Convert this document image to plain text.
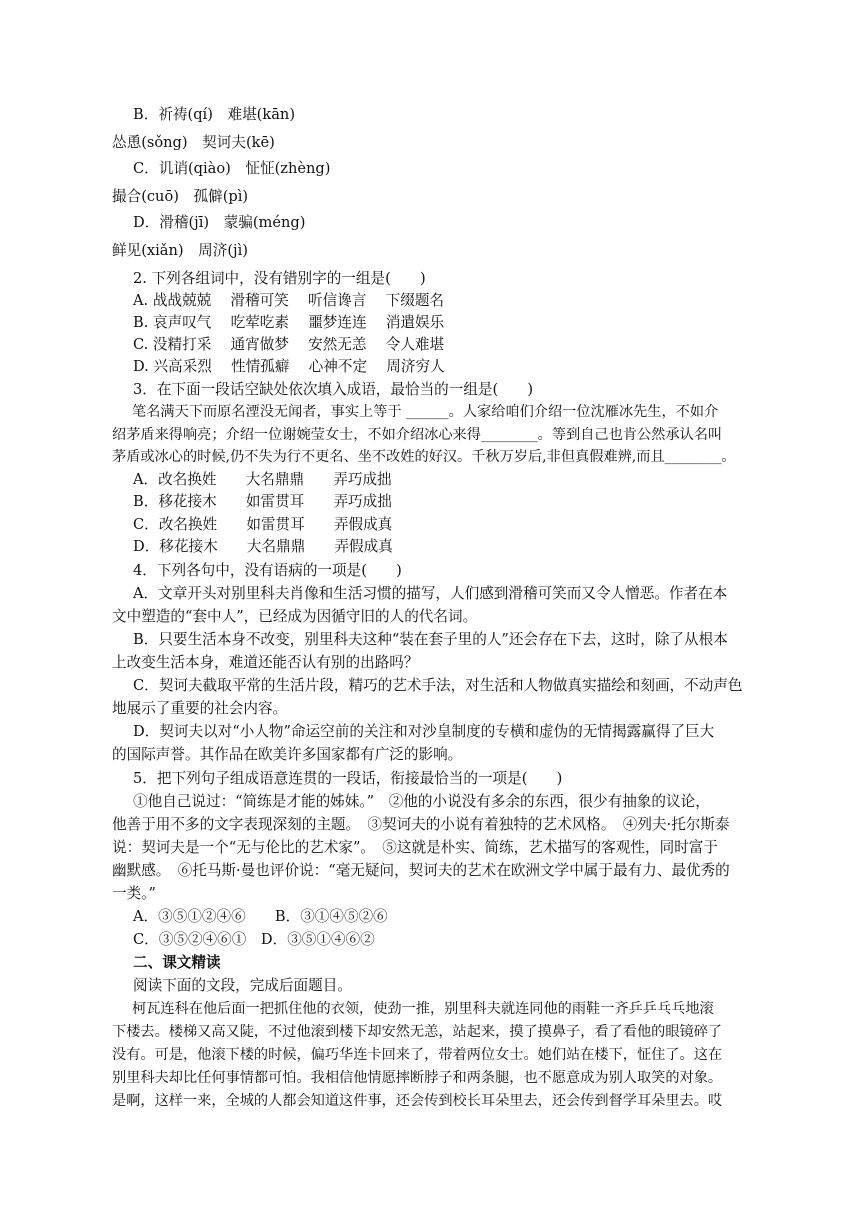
B．祈祷(qí)　难堪(kān)
怂恿(sǒng)　契诃夫(kē)
C．讥诮(qiào)　怔怔(zhèng)
撮合(cuō)　孤僻(pì)
D．滑稽(jī)　蒙骗(méng)
鲜见(xiǎn)　周济(jì)
2. 下列各组词中，没有错别字的一组是(　　)
A. 战战兢兢　 滑稽可笑　 听信谗言　 下缀题名
B. 哀声叹气　 吃荤吃素　 噩梦连连　 消遣娱乐
C. 没精打采　 通宵做梦　 安然无恙　 令人难堪
D. 兴高采烈　 性情孤癖　 心神不定　 周济穷人
3．在下面一段话空缺处依次填入成语，最恰当的一组是(　　)
笔名满天下而原名湮没无闻者，事实上等于 ______。人家给咱们介绍一位沈雁冰先生，不如介
绍茅盾来得响亮；介绍一位谢婉莹女士，不如介绍冰心来得________。等到自己也肯公然承认名叫
茅盾或冰心的时候,仍不失为行不更名、坐不改姓的好汉。千秋万岁后,非但真假难辨,而且________。
A．改名换姓　　大名鼎鼎　　弄巧成拙
B．移花接木　　如雷贯耳　　弄巧成拙
C．改名换姓　　如雷贯耳　　弄假成真
D．移花接木　　大名鼎鼎　　弄假成真
4．下列各句中，没有语病的一项是(　　)
A．文章开头对别里科夫肖像和生活习惯的描写，人们感到滑稽可笑而又令人憎恶。作者在本
文中塑造的“套中人”，已经成为因循守旧的人的代名词。
B．只要生活本身不改变，别里科夫这种“装在套子里的人”还会存在下去，这时，除了从根本
上改变生活本身，难道还能否认有别的出路吗？
C．契诃夫截取平常的生活片段，精巧的艺术手法，对生活和人物做真实描绘和刻画，不动声色
地展示了重要的社会内容。
D．契诃夫以对“小人物”命运空前的关注和对沙皇制度的专横和虚伪的无情揭露赢得了巨大
的国际声誉。其作品在欧美许多国家都有广泛的影响。
5．把下列句子组成语意连贯的一段话，衔接最恰当的一项是(　　)
①他自己说过：“简练是才能的姊妹。”　②他的小说没有多余的东西，很少有抽象的议论，
他善于用不多的文字表现深刻的主题。　③契诃夫的小说有着独特的艺术风格。　④列夫·托尔斯泰
说：契诃夫是一个“无与伦比的艺术家”。　⑤这就是朴实、简练，艺术描写的客观性，同时富于
幽默感。　⑥托马斯·曼也评价说：“毫无疑问，契诃夫的艺术在欧洲文学中属于最有力、最优秀的
一类。”
A．③⑤①②④⑥　　B．③①④⑤②⑥
C．③⑤②④⑥①　D．③⑤①④⑥②
二、课文精读
阅读下面的文段，完成后面题目。
柯瓦连科在他后面一把抓住他的衣领，使劲一推，别里科夫就连同他的雨鞋一齐乒乒乓乓地滚
下楼去。楼梯又高又陡，不过他滚到楼下却安然无恙，站起来，摸了摸鼻子，看了看他的眼镜碎了
没有。可是，他滚下楼的时候，偏巧华连卡回来了，带着两位女士。她们站在楼下，怔住了。这在
别里科夫却比任何事情都可怕。我相信他情愿摔断脖子和两条腿，也不愿意成为别人取笑的对象。
是啊，这样一来，全城的人都会知道这件事，还会传到校长耳朵里去，还会传到督学耳朵里去。哎
